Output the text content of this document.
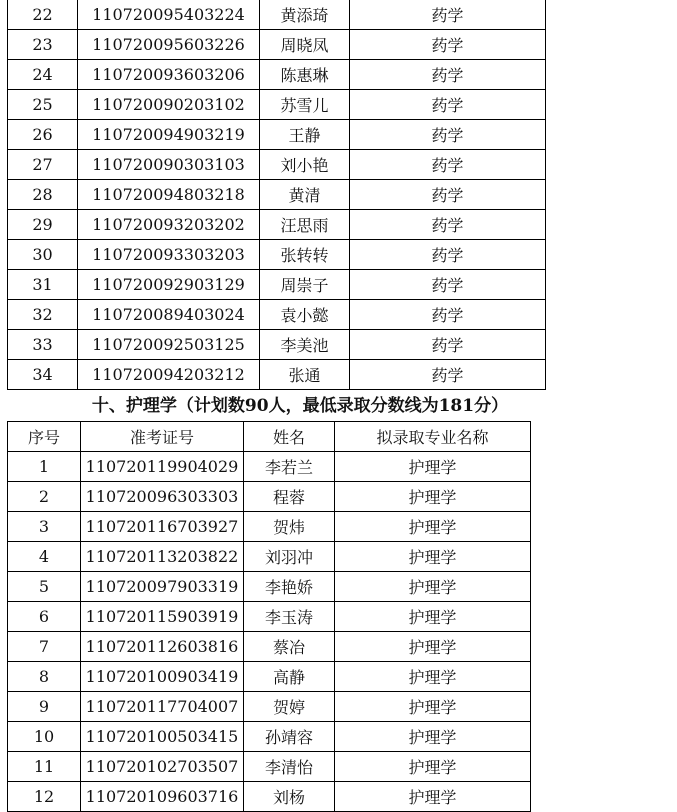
22	110720095403224	黄添琦	药学
23	110720095603226	周晓凤	药学
24	110720093603206	陈惠琳	药学
25	110720090203102	苏雪儿	药学
26	110720094903219	王静	药学
27	110720090303103	刘小艳	药学
28	110720094803218	黄清	药学
29	110720093203202	汪思雨	药学
30	110720093303203	张转转	药学
31	110720092903129	周崇子	药学
32	110720089403024	袁小懿	药学
33	110720092503125	李美池	药学
34	110720094203212	张通	药学
十、护理学（计划数90人，最低录取分数线为181分）
序号	准考证号	姓名	拟录取专业名称
1	110720119904029	李若兰	护理学
2	110720096303303	程蓉	护理学
3	110720116703927	贺炜	护理学
4	110720113203822	刘羽冲	护理学
5	110720097903319	李艳娇	护理学
6	110720115903919	李玉涛	护理学
7	110720112603816	蔡冶	护理学
8	110720100903419	高静	护理学
9	110720117704007	贺婷	护理学
10	110720100503415	孙靖容	护理学
11	110720102703507	李清怡	护理学
12	110720109603716	刘杨	护理学
